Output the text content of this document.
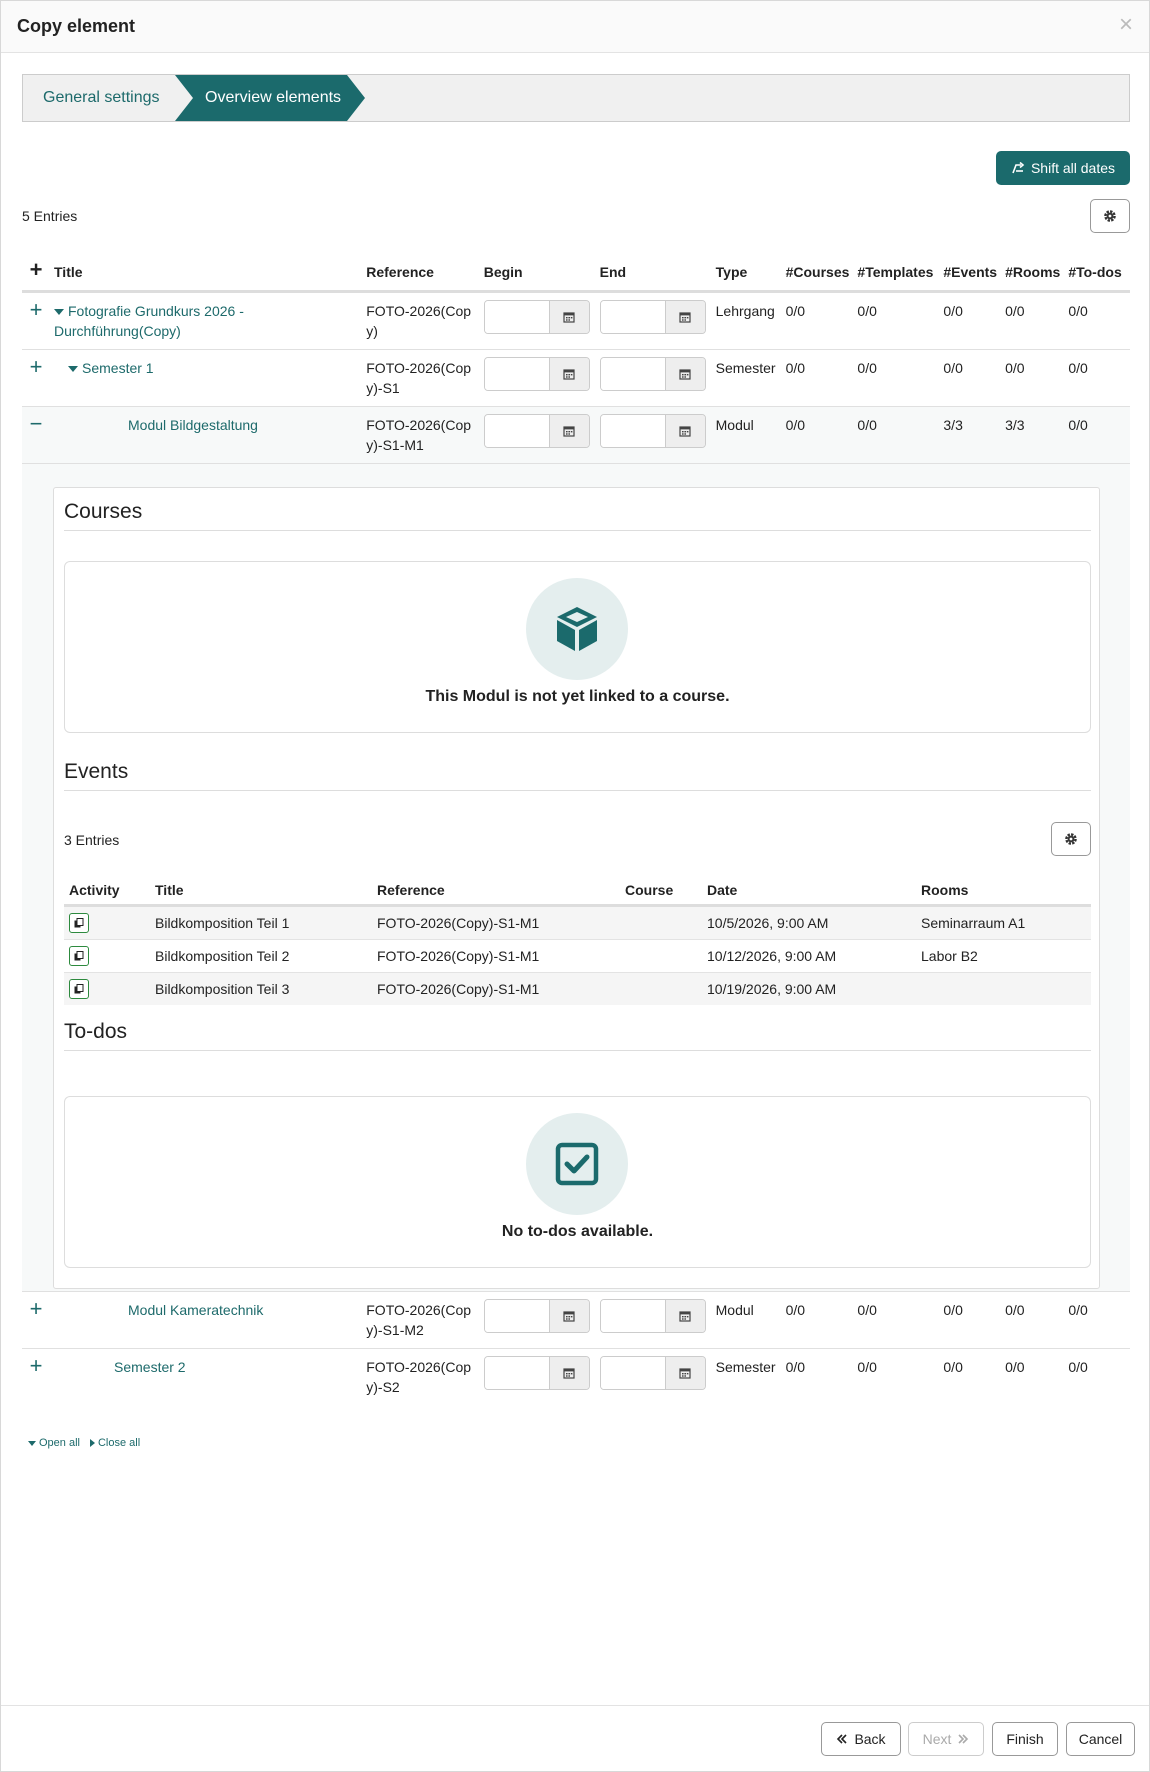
Copy element	×
General settings	Overview elements
Shift all dates
5 Entries
+	Title	Reference	Begin	End	Type	#Courses	#Templates	#Events	#Rooms	#To-dos
+	Fotografie Grundkurs 2026 - Durchführung(Copy)	FOTO-2026(Copy)			Lehrgang	0/0	0/0	0/0	0/0	0/0
+	Semester 1	FOTO-2026(Copy)-S1			Semester	0/0	0/0	0/0	0/0	0/0
−	Modul Bildgestaltung	FOTO-2026(Copy)-S1-M1			Modul	0/0	0/0	3/3	3/3	0/0

+	Modul Kameratechnik	FOTO-2026(Copy)-S1-M2			Modul	0/0	0/0	0/0	0/0	0/0
+	Semester 2	FOTO-2026(Copy)-S2			Semester	0/0	0/0	0/0	0/0	0/0
Courses
This Modul is not yet linked to a course.
Events
3 Entries
Activity	Title	Reference	Course	Date	Rooms

	Bildkomposition Teil 1	FOTO-2026(Copy)-S1-M1		10/5/2026, 9:00 AM	Seminarraum A1

	Bildkomposition Teil 2	FOTO-2026(Copy)-S1-M1		10/12/2026, 9:00 AM	Labor B2

	Bildkomposition Teil 3	FOTO-2026(Copy)-S1-M1		10/19/2026, 9:00 AM	
To-dos
No to-dos available.
Open all Close all
Back	Next	Finish	Cancel
